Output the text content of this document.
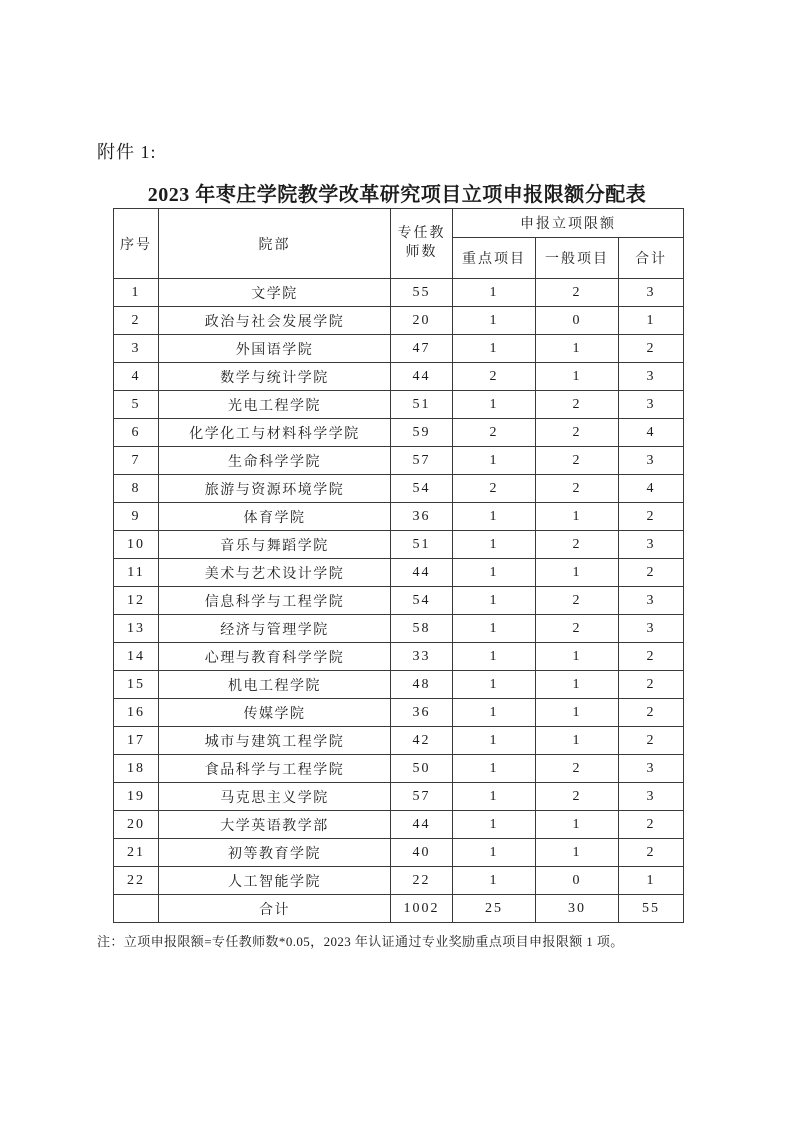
附件 1:
2023 年枣庄学院教学改革研究项目立项申报限额分配表
序号	院部	专任教
师数	申报立项限额		
			重点项目	一般项目	合计
1	文学院	55	1	2	3
2	政治与社会发展学院	20	1	0	1
3	外国语学院	47	1	1	2
4	数学与统计学院	44	2	1	3
5	光电工程学院	51	1	2	3
6	化学化工与材料科学学院	59	2	2	4
7	生命科学学院	57	1	2	3
8	旅游与资源环境学院	54	2	2	4
9	体育学院	36	1	1	2
10	音乐与舞蹈学院	51	1	2	3
11	美术与艺术设计学院	44	1	1	2
12	信息科学与工程学院	54	1	2	3
13	经济与管理学院	58	1	2	3
14	心理与教育科学学院	33	1	1	2
15	机电工程学院	48	1	1	2
16	传媒学院	36	1	1	2
17	城市与建筑工程学院	42	1	1	2
18	食品科学与工程学院	50	1	2	3
19	马克思主义学院	57	1	2	3
20	大学英语教学部	44	1	1	2
21	初等教育学院	40	1	1	2
22	人工智能学院	22	1	0	1
	合计	1002	25	30	55
注：立项申报限额=专任教师数*0.05，2023 年认证通过专业奖励重点项目申报限额 1 项。
